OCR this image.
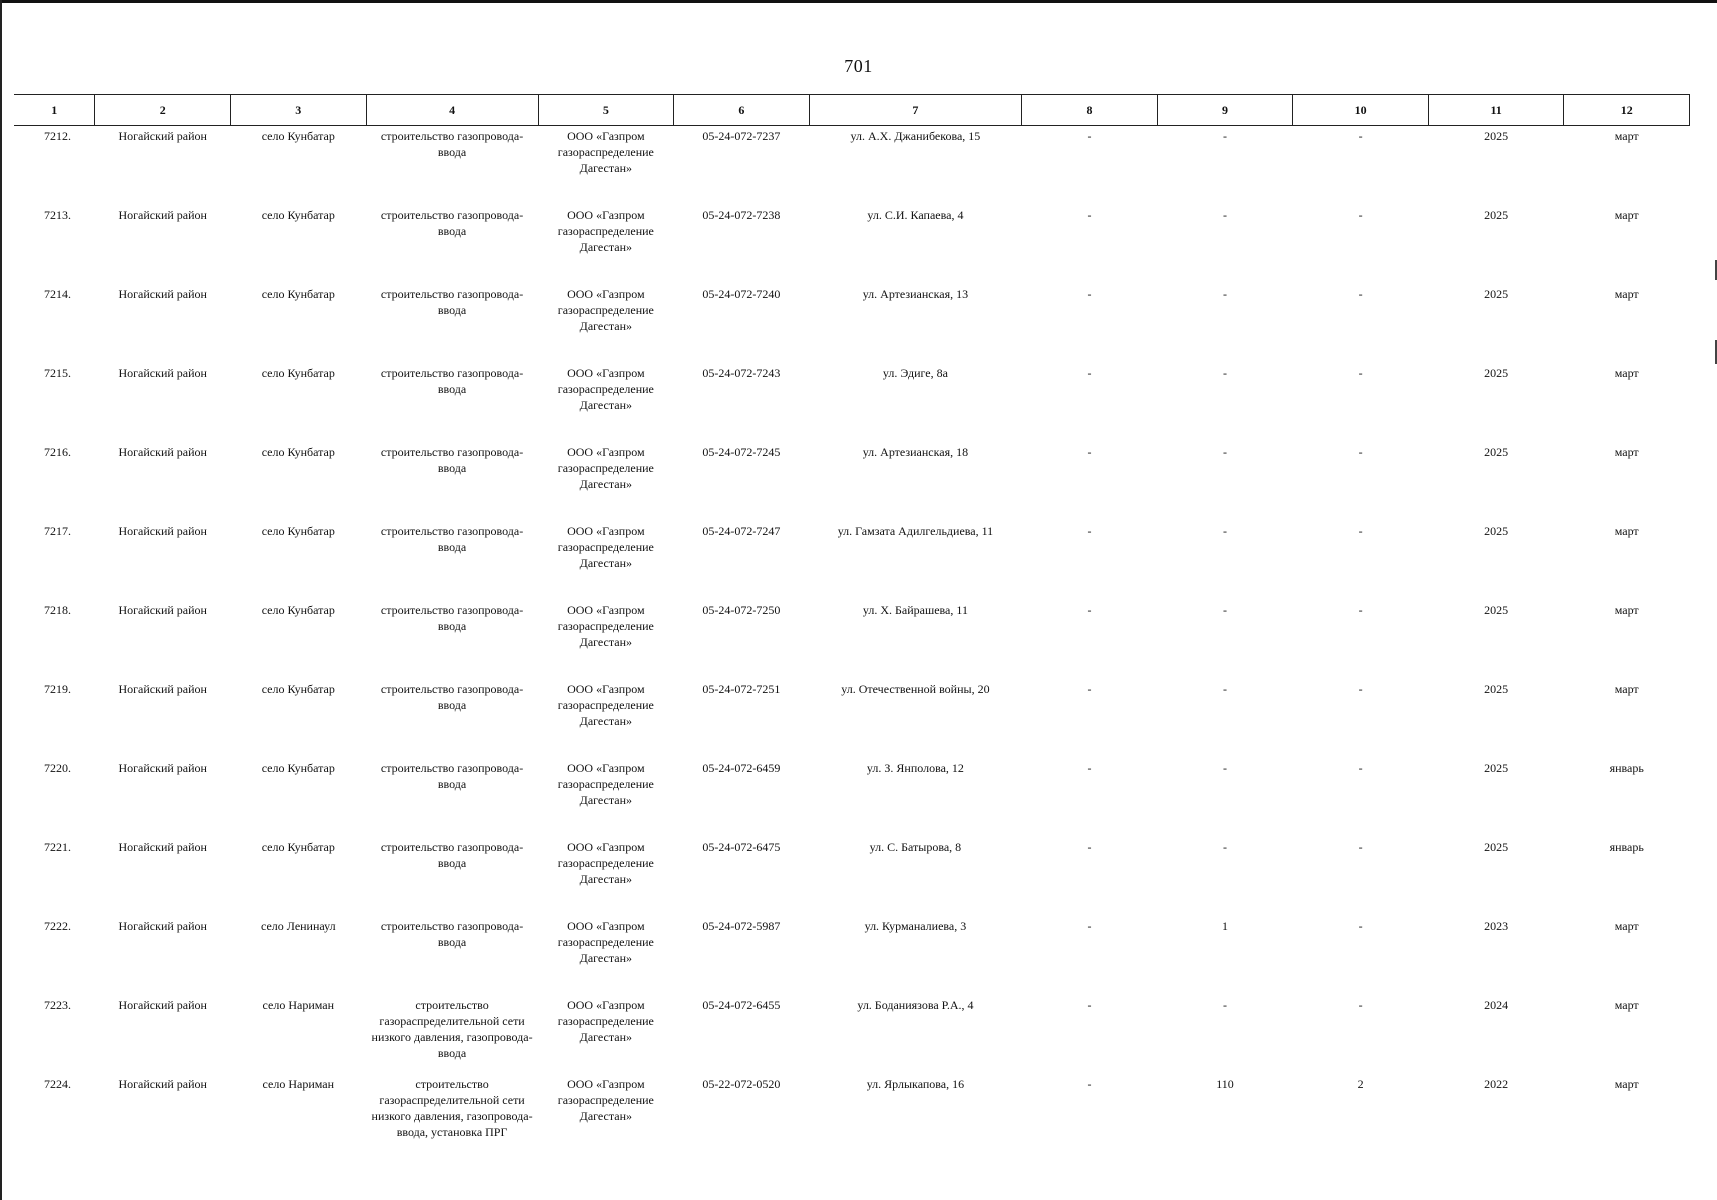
701
1	2	3	4	5	6	7	8	9	10	11	12
7212.	Ногайский район	село Кунбатар	строительство газопровода-ввода	ООО «Газпром газораспределение Дагестан»	05-24-072-7237	ул. А.Х. Джанибекова, 15	-	-	-	2025	март
7213.	Ногайский район	село Кунбатар	строительство газопровода-ввода	ООО «Газпром газораспределение Дагестан»	05-24-072-7238	ул. С.И. Капаева, 4	-	-	-	2025	март
7214.	Ногайский район	село Кунбатар	строительство газопровода-ввода	ООО «Газпром газораспределение Дагестан»	05-24-072-7240	ул. Артезианская, 13	-	-	-	2025	март
7215.	Ногайский район	село Кунбатар	строительство газопровода-ввода	ООО «Газпром газораспределение Дагестан»	05-24-072-7243	ул. Эдиге, 8а	-	-	-	2025	март
7216.	Ногайский район	село Кунбатар	строительство газопровода-ввода	ООО «Газпром газораспределение Дагестан»	05-24-072-7245	ул. Артезианская, 18	-	-	-	2025	март
7217.	Ногайский район	село Кунбатар	строительство газопровода-ввода	ООО «Газпром газораспределение Дагестан»	05-24-072-7247	ул. Гамзата Адилгельдиева, 11	-	-	-	2025	март
7218.	Ногайский район	село Кунбатар	строительство газопровода-ввода	ООО «Газпром газораспределение Дагестан»	05-24-072-7250	ул. Х. Байрашева, 11	-	-	-	2025	март
7219.	Ногайский район	село Кунбатар	строительство газопровода-ввода	ООО «Газпром газораспределение Дагестан»	05-24-072-7251	ул. Отечественной войны, 20	-	-	-	2025	март
7220.	Ногайский район	село Кунбатар	строительство газопровода-ввода	ООО «Газпром газораспределение Дагестан»	05-24-072-6459	ул. З. Янполова, 12	-	-	-	2025	январь
7221.	Ногайский район	село Кунбатар	строительство газопровода-ввода	ООО «Газпром газораспределение Дагестан»	05-24-072-6475	ул. С. Батырова, 8	-	-	-	2025	январь
7222.	Ногайский район	село Ленинаул	строительство газопровода-ввода	ООО «Газпром газораспределение Дагестан»	05-24-072-5987	ул. Курманалиева, 3	-	1	-	2023	март
7223.	Ногайский район	село Нариман	строительство газораспределительной сети низкого давления, газопровода-ввода	ООО «Газпром газораспределение Дагестан»	05-24-072-6455	ул. Боданиязова Р.А., 4	-	-	-	2024	март
7224.	Ногайский район	село Нариман	строительство газораспределительной сети низкого давления, газопровода-ввода, установка ПРГ	ООО «Газпром газораспределение Дагестан»	05-22-072-0520	ул. Ярлыкапова, 16	-	110	2	2022	март
